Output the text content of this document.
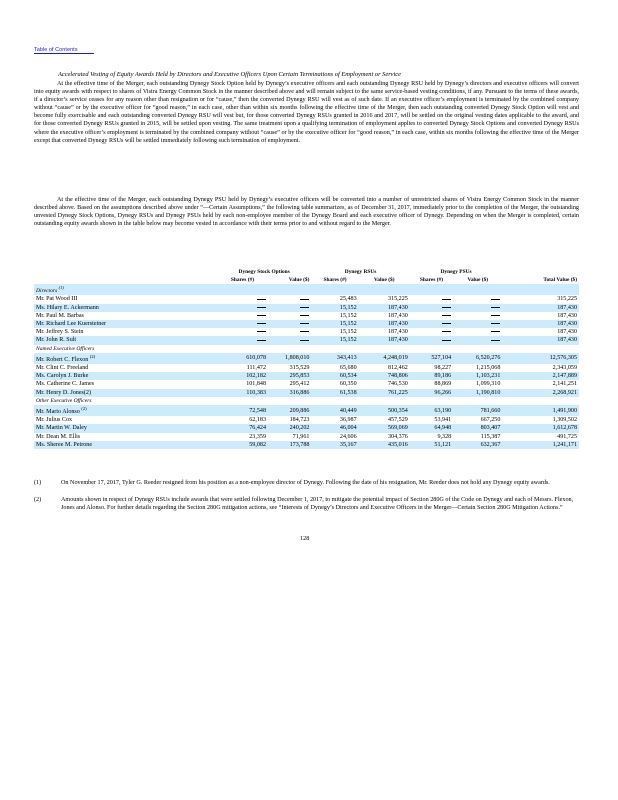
Table of Contents
Accelerated Vesting of Equity Awards Held by Directors and Executive Officers Upon Certain Terminations of Employment or Service

At the effective time of the Merger, each outstanding Dynegy Stock Option held by Dynegy’s executive officers and each outstanding Dynegy RSU held by Dynegy’s directors and executive officers will convert into equity awards with respect to shares of Vistra Energy Common Stock in the manner described above and will remain subject to the same service-based vesting conditions, if any. Pursuant to the terms of these awards, if a director’s service ceases for any reason other than resignation or for “cause,” then the converted Dynegy RSU will vest as of such date. If an executive officer’s employment is terminated by the combined company without “cause” or by the executive officer for “good reason,” in each case, other than within six months following the effective time of the Merger, then each outstanding converted Dynegy Stock Option will vest and become fully exercisable and each outstanding converted Dynegy RSU will vest but, for those converted Dynegy RSUs granted in 2016 and 2017, will be settled on the original vesting dates applicable to the award, and for those converted Dynegy RSUs granted in 2015, will be settled upon vesting. The same treatment upon a qualifying termination of employment applies to converted Dynegy Stock Options and converted Dynegy RSUs where the executive officer’s employment is terminated by the combined company without “cause” or by the executive officer for “good reason,” in each case, within six months following the effective time of the Merger except that converted Dynegy RSUs will be settled immediately following such termination of employment.

At the effective time of the Merger, each outstanding Dynegy PSU held by Dynegy’s executive officers will be converted into a number of unrestricted shares of Vistra Energy Common Stock in the manner described above. Based on the assumptions described above under “—Certain Assumptions,” the following table summarizes, as of December 31, 2017, immediately prior to the completion of the Merger, the outstanding unvested Dynegy Stock Options, Dynegy RSUs and Dynegy PSUs held by each non-employee member of the Dynegy Board and each executive officer of Dynegy. Depending on when the Merger is completed, certain outstanding equity awards shown in the table below may become vested in accordance with their terms prior to and without regard to the Merger.

	Dynegy Stock Options		Dynegy RSUs		Dynegy PSUs		
	Shares (#)	Value ($)	Shares (#)	Value ($)	Shares (#)	Value ($)	Total Value ($)
Directors $^{(1)}$
Mr. Pat Wood III			25,483	315,225			315,225
Ms. Hilary E. Ackermann			15,152	187,430			187,430
Mr. Paul M. Barbas			15,152	187,430			187,430
Mr. Richard Lee Kuersteiner			15,152	187,430			187,430
Mr. Jeffrey S. Stein			15,152	187,430			187,430
Mr. John R. Sult			15,152	187,430			187,430
Named Executive Officers							
Mr. Robert C. Flexon $^{(2)}$	610,078	1,808,010	343,413	4,248,019	527,104	6,520,276	12,576,305
Mr. Clint C. Freeland	111,472	315,529	65,680	812,462	98,227	1,215,068	2,343,059
Ms. Carolyn J. Burke	102,182	295,853	60,534	748,806	89,186	1,103,231	2,147,889
Ms. Catherine C. James	101,848	295,412	60,350	746,530	88,869	1,099,310	2,141,251
Mr. Henry D. Jones(2)	110,383	316,886	61,538	761,225	96,266	1,190,810	2,268,921
Other Executive Officers							
Mr. Mario Alonso $^{(2)}$	72,548	209,886	40,449	500,354	63,190	781,660	1,491,900
Mr. Julius Cox	62,183	184,723	36,987	457,529	53,941	667,250	1,309,502
Mr. Martin W. Daley	76,424	240,202	46,004	569,069	64,948	803,407	1,612,678
Mr. Dean M. Ellis	23,359	71,961	24,606	304,376	9,328	115,387	491,725
Ms. Sheree M. Petrone	59,082	173,788	35,167	435,016	51,121	632,367	1,241,171
(1)	On November 17, 2017, Tyler G. Reeder resigned from his position as a non-employee director of Dynegy. Following the date of his resignation, Mr. Reeder does not hold any Dynegy equity awards.
(2)	Amounts shown in respect of Dynegy RSUs include awards that were settled following December 1, 2017, to mitigate the potential impact of Section 280G of the Code on Dynegy and each of Messrs. Flexon, Jones and Alonso. For further details regarding the Section 280G mitigation actions, see “Interests of Dynegy’s Directors and Executive Officers in the Merger—Certain Section 280G Mitigation Actions.”
128
